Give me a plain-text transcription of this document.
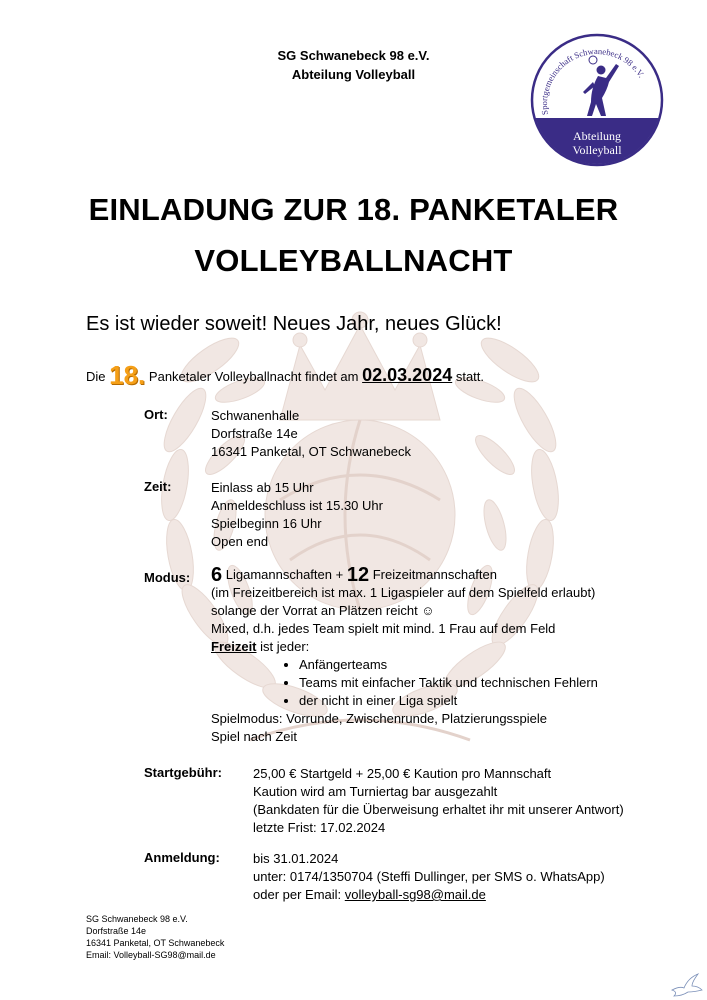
SG Schwanebeck 98 e.V.
Abteilung Volleyball
Sportgemeinschaft Schwanebeck 98 e.V.
Abteilung
Volleyball
EINLADUNG ZUR 18. PANKETALER
VOLLEYBALLNACHT
Es ist wieder soweit! Neues Jahr, neues Glück!
Die 18. Panketaler Volleyballnacht findet am 02.03.2024 statt.
Ort:	Schwanenhalle
Dorfstraße 14e
16341 Panketal, OT Schwanebeck
Zeit:	Einlass ab 15 Uhr
Anmeldeschluss ist 15.30 Uhr
Spielbeginn 16 Uhr
Open end
Modus: 6 Ligamannschaften + 12 Freizeitmannschaften
(im Freizeitbereich ist max. 1 Ligaspieler auf dem Spielfeld erlaubt)
solange der Vorrat an Plätzen reicht ☺
Mixed, d.h. jedes Team spielt mit mind. 1 Frau auf dem Feld
Freizeit ist jeder:
• Anfängerteams
• Teams mit einfacher Taktik und technischen Fehlern
• der nicht in einer Liga spielt
Spielmodus: Vorrunde, Zwischenrunde, Platzierungsspiele
Spiel nach Zeit
Startgebühr: 25,00 € Startgeld + 25,00 € Kaution pro Mannschaft
Kaution wird am Turniertag bar ausgezahlt
(Bankdaten für die Überweisung erhaltet ihr mit unserer Antwort)
letzte Frist: 17.02.2024
Anmeldung:	bis 31.01.2024
unter: 0174/1350704 (Steffi Dullinger, per SMS o. WhatsApp)
oder per Email: volleyball-sg98@mail.de
SG Schwanebeck 98 e.V.
Dorfstraße 14e
16341 Panketal, OT Schwanebeck
Email: Volleyball-SG98@mail.de
